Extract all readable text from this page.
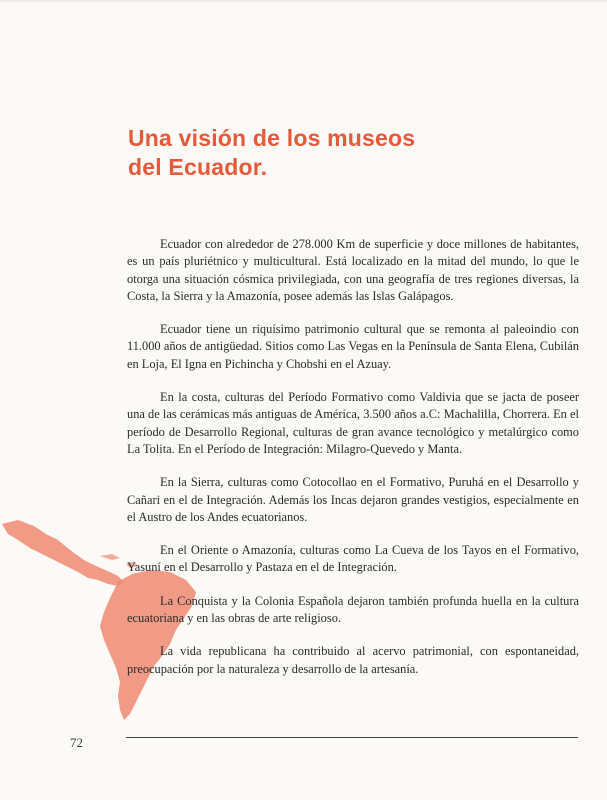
Una visión de los museos
del Ecuador.

Ecuador con alrededor de 278.000 Km de superficie y doce millones de habitantes, es un país pluriétnico y multicultural. Está localizado en la mitad del mundo, lo que le otorga una situación cósmica privilegiada, con una geografía de tres regiones diversas, la Costa, la Sierra y la Amazonía, posee además las Islas Galápagos.

Ecuador tiene un riquísimo patrimonio cultural que se remonta al paleoindio con 11.000 años de antigüedad. Sitios como Las Vegas en la Península de Santa Elena, Cubilán en Loja, El Igna en Pichincha y Chobshi en el Azuay.

En la costa, culturas del Período Formativo como Valdivia que se jacta de poseer una de las cerámicas más antiguas de América, 3.500 años a.C: Machalilla, Chorrera. En el período de Desarrollo Regional, culturas de gran avance tecnológico y metalúrgico como La Tolita. En el Período de Integración: Milagro-Quevedo y Manta.

En la Sierra, culturas como Cotocollao en el Formativo, Puruhá en el Desarrollo y Cañari en el de Integración. Además los Incas dejaron grandes vestigios, especialmente en el Austro de los Andes ecuatorianos.

En el Oriente o Amazonía, culturas como La Cueva de los Tayos en el Formativo, Yasuní en el Desarrollo y Pastaza en el de Integración.

La Conquista y la Colonia Española dejaron también profunda huella en la cultura ecuatoriana y en las obras de arte religioso.

La vida republicana ha contribuido al acervo patrimonial, con espontaneidad, preocupación por la naturaleza y desarrollo de la artesanía.

72
